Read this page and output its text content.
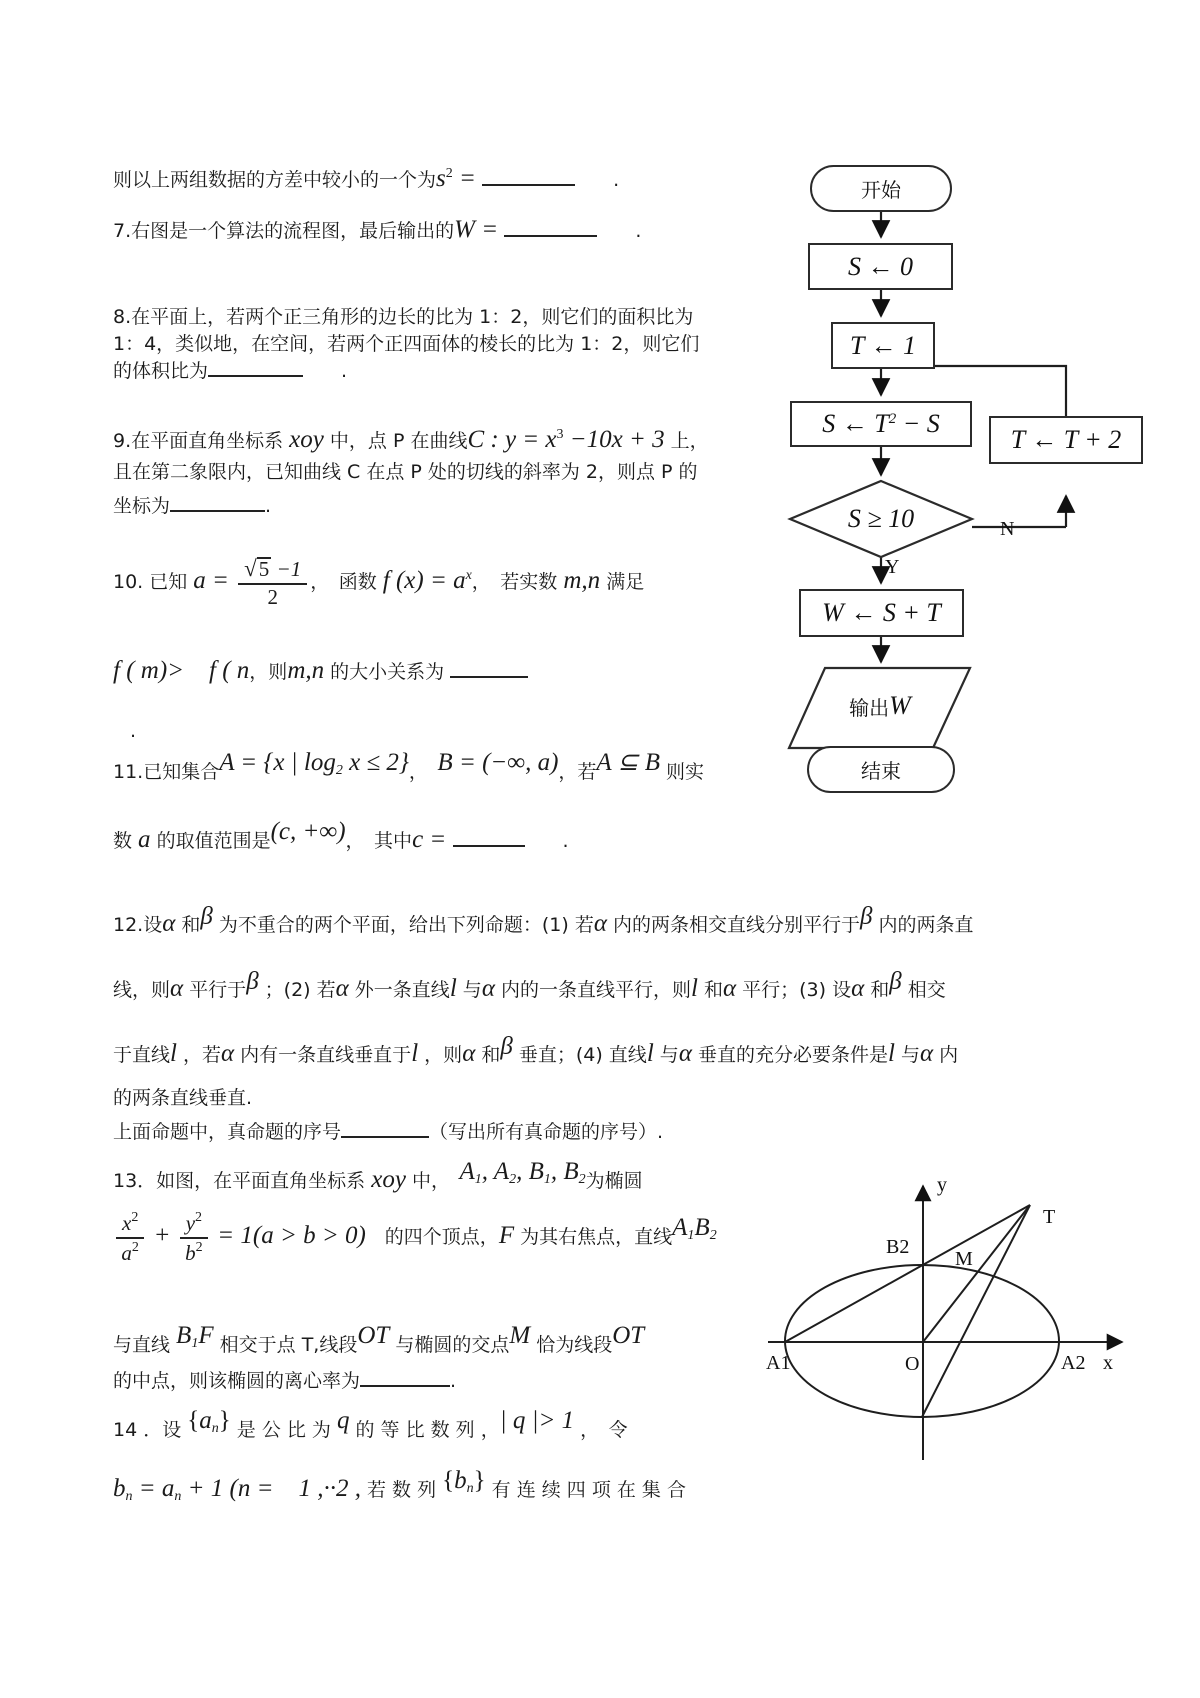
开始
S ← 0
T ← 1
S ← $T^2 - S$
T ← T + 2
S ≥ 10
W ← S + T
输出 W
结束
Y
N
y
x
T
B2
M
A1	O	A2
则以上两组数据的方差中较小的一个为$s^2$ =	　　.
7.右图是一个算法的流程图，最后输出的W =	　　.
8.在平面上，若两个正三角形的边长的比为 1：2，则它们的面积比为
1：4，类似地，在空间，若两个正四面体的棱长的比为 1：2，则它们
的体积比为	　　.
9.在平面直角坐标系 xoy 中，点 P 在曲线C : $y = x^3 -10x + 3$ 上，
且在第二象限内，已知曲线 C 在点 P 处的切线的斜率为 2，则点 P 的
坐标为	.
10. 已知 $a = \frac{√5 -1}{2}$ ，　函数 f $(x) = a^x$，　若实数 m,n 满足
f ( m)>　f ( n，则m,n 的大小关系为
.
11.已知集合A = {x | $\log_2 x \le 2$}，　B = (−∞, a)，若A ⊆ B 则实
数 a 的取值范围是(c, +∞)，　其中c =	　　.
12.设α 和β 为不重合的两个平面，给出下列命题：(1) 若α 内的两条相交直线分别平行于β 内的两条直
线，则α 平行于β ；(2) 若α 外一条直线l 与α 内的一条直线平行，则l 和α 平行；(3) 设α 和β 相交
于直线l ，若α 内有一条直线垂直于l ，则α 和β 垂直；(4) 直线l 与α 垂直的充分必要条件是l 与α 内
的两条直线垂直.
上面命题中，真命题的序号	（写出所有真命题的序号）.
13．如图，在平面直角坐标系 xoy 中，　$A_1$, $A_2$, $B_1$, $B_2$为椭圆
$\frac{x^2}{a^2} + \frac{y^2}{b^2} = 1(a > b > 0)$　的四个顶点，F 为其右焦点，直线$A_1B_2$
与直线 $B_1F$ 相交于点 T,线段OT 与椭圆的交点M 恰为线段OT
的中点，则该椭圆的离心率为	.
14 ．设 $\{a_n\}$ 是 公 比 为 q 的 等 比 数 列 ，| q |> 1 ，　令
$b_n = a_n + 1$ (n =　1 ,··2 , 若 数 列 $\{b_n\}$ 有 连 续 四 项 在 集 合
